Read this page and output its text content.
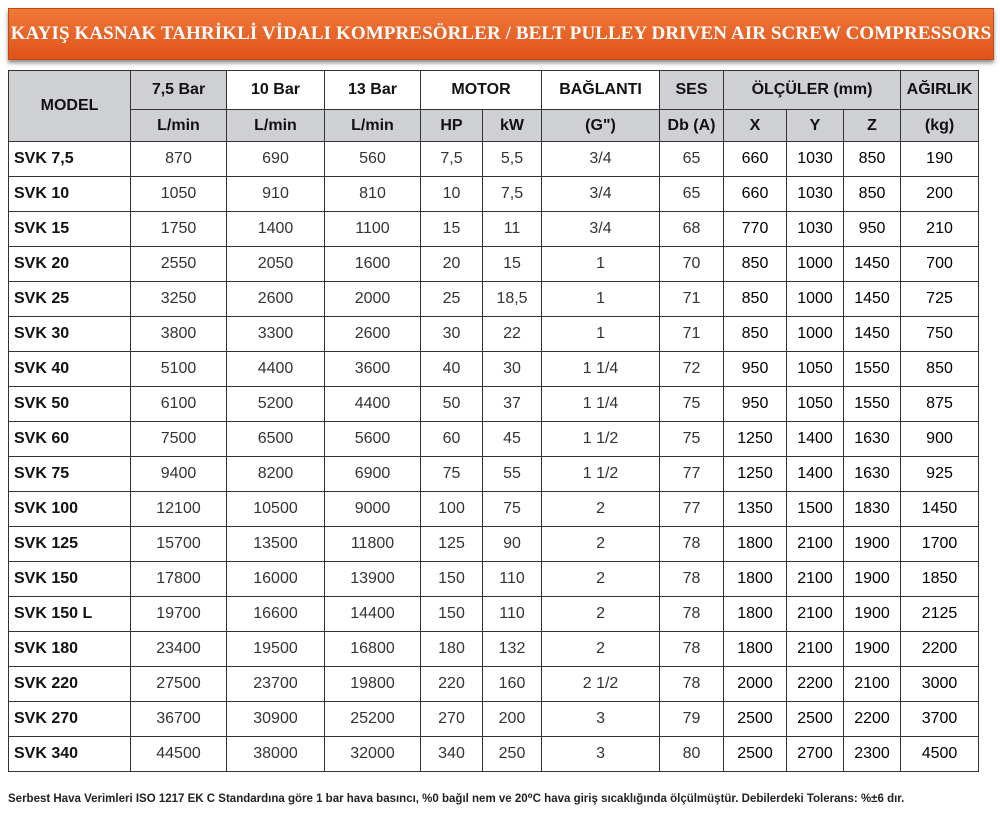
KAYIŞ KASNAK TAHRİKLİ VİDALI KOMPRESÖRLER / BELT PULLEY DRIVEN AIR SCREW COMPRESSORS
MODEL	7,5 Bar	10 Bar	13 Bar	MOTOR		BAĞLANTI	SES	ÖLÇÜLER (mm)			AĞIRLIK
	L/min	L/min	L/min	HP	kW	(G")	Db (A)	X	Y	Z	(kg)
SVK 7,5	870	690	560	7,5	5,5	3/4	65	660	1030	850	190
SVK 10	1050	910	810	10	7,5	3/4	65	660	1030	850	200
SVK 15	1750	1400	1100	15	11	3/4	68	770	1030	950	210
SVK 20	2550	2050	1600	20	15	1	70	850	1000	1450	700
SVK 25	3250	2600	2000	25	18,5	1	71	850	1000	1450	725
SVK 30	3800	3300	2600	30	22	1	71	850	1000	1450	750
SVK 40	5100	4400	3600	40	30	1 1/4	72	950	1050	1550	850
SVK 50	6100	5200	4400	50	37	1 1/4	75	950	1050	1550	875
SVK 60	7500	6500	5600	60	45	1 1/2	75	1250	1400	1630	900
SVK 75	9400	8200	6900	75	55	1 1/2	77	1250	1400	1630	925
SVK 100	12100	10500	9000	100	75	2	77	1350	1500	1830	1450
SVK 125	15700	13500	11800	125	90	2	78	1800	2100	1900	1700
SVK 150	17800	16000	13900	150	110	2	78	1800	2100	1900	1850
SVK 150 L	19700	16600	14400	150	110	2	78	1800	2100	1900	2125
SVK 180	23400	19500	16800	180	132	2	78	1800	2100	1900	2200
SVK 220	27500	23700	19800	220	160	2 1/2	78	2000	2200	2100	3000
SVK 270	36700	30900	25200	270	200	3	79	2500	2500	2200	3700
SVK 340	44500	38000	32000	340	250	3	80	2500	2700	2300	4500
Serbest Hava Verimleri ISO 1217 EK C Standardına göre 1 bar hava basıncı, %0 bağıl nem ve 20⁰C hava giriş sıcaklığında ölçülmüştür. Debilerdeki Tolerans: %±6 dır.
